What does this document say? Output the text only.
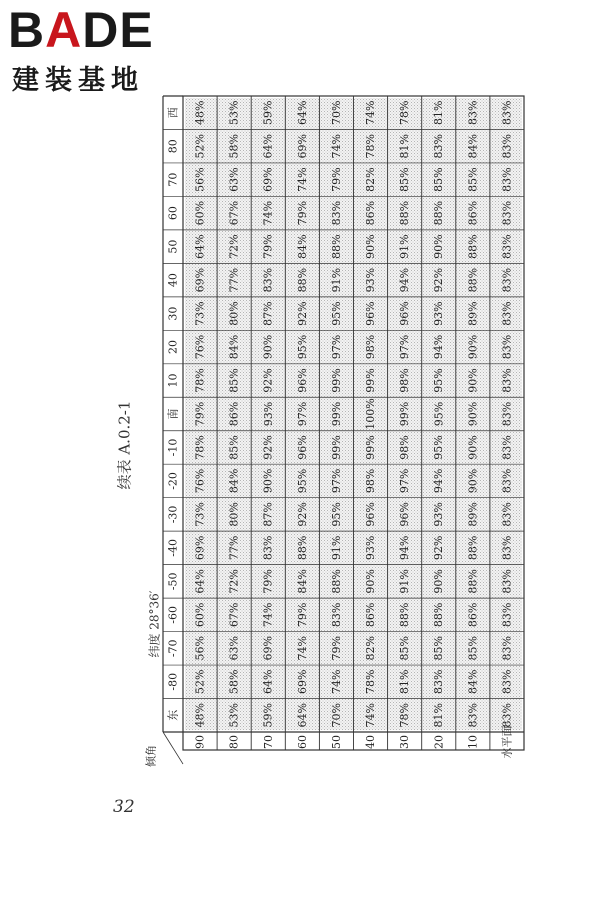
BADE
建装基地
续表 A.0.2-1
纬度 28°36′
48%
52%
56%
60%
64%
69%
73%
76%
78%
79%
78%
76%
73%
69%
64%
60%
56%
52%
48%
90
53%
58%
63%
67%
72%
77%
80%
84%
85%
86%
85%
84%
80%
77%
72%
67%
63%
58%
53%
80
59%
64%
69%
74%
79%
83%
87%
90%
92%
93%
92%
90%
87%
83%
79%
74%
69%
64%
59%
70
64%
69%
74%
79%
84%
88%
92%
95%
96%
97%
96%
95%
92%
88%
84%
79%
74%
69%
64%
60
70%
74%
79%
83%
88%
91%
95%
97%
99%
99%
99%
97%
95%
91%
88%
83%
79%
74%
70%
50
74%
78%
82%
86%
90%
93%
96%
98%
99%
100%
99%
98%
96%
93%
90%
86%
82%
78%
74%
40
78%
81%
85%
88%
91%
94%
96%
97%
98%
99%
98%
97%
96%
94%
91%
88%
85%
81%
78%
30
81%
83%
85%
88%
90%
92%
93%
94%
95%
95%
95%
94%
93%
92%
90%
88%
85%
83%
81%
20
83%
84%
85%
86%
88%
88%
89%
90%
90%
90%
90%
90%
89%
88%
88%
86%
85%
84%
83%
10
83%
83%
83%
83%
83%
83%
83%
83%
83%
83%
83%
83%
83%
83%
83%
83%
83%
83%
83%
水平面
东
-80
-70
-60
-50
-40
-30
-20
-10
南
10
20
30
40
50
60
70
80
西
倾角
32
